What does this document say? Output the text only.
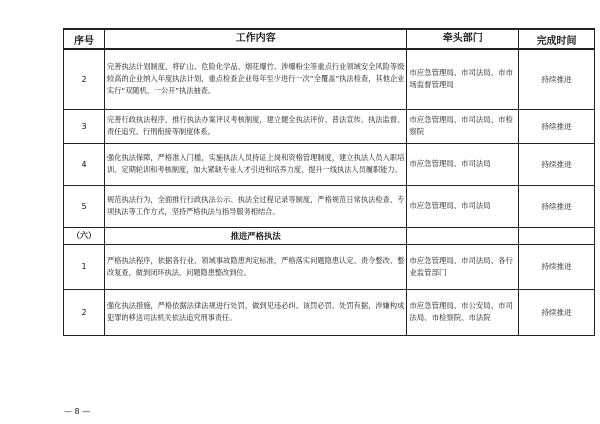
序号	工作内容	牵头部门	完成时间
2	完善执法计划制度，将矿山、危险化学品、烟花爆竹、涉爆粉尘等重点行业领域安全风险等级较高的企业纳入年度执法计划，重点检查企业每年至少进行一次“全覆盖”执法检查，其他企业实行“双随机、一公开”执法抽查。	市应急管理局、市司法局、市市场监督管理局	持续推进
3	完善行政执法程序，推行执法办案评议考核制度，建立健全执法评价、普法宣传、执法监督、责任追究、行刑衔接等制度体系。	市应急管理局、市司法局、市检察院	持续推进
4	强化执法保障，严格准入门槛，实施执法人员持证上岗和资格管理制度，建立执法人员入职培训、定期轮训和考核制度，加大紧缺专业人才引进和培养力度，提升一线执法人员履职能力。	市应急管理局、市司法局	持续推进
5	规范执法行为，全面推行行政执法公示、执法全过程记录等制度，严格规范日常执法检查、专项执法等工作方式，坚持严格执法与指导服务相结合。	市应急管理局、市司法局	持续推进
（六）	推进严格执法		
1	严格执法程序，依据各行业、领域事故隐患判定标准，严格落实问题隐患认定、责令整改、整改复查，做到闭环执法，问题隐患整改到位。	市应急管理局、市司法局、各行业监管部门	持续推进
2	强化执法措施，严格依据法律法规进行处罚，做到见违必纠、该罚必罚、处罚有据，涉嫌构成犯罪的移送司法机关依法追究刑事责任。	市应急管理局、市公安局、市司法局、市检察院、市法院	持续推进
— 8 —
